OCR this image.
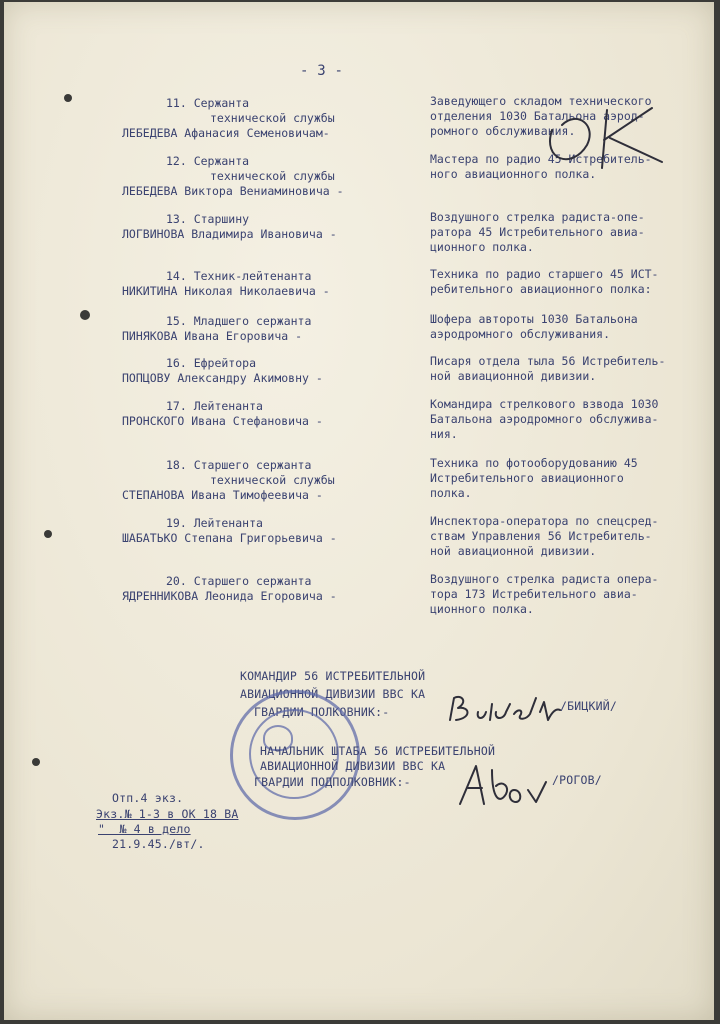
- 3 -
11. Сержанта
технической службы
ЛЕБЕДЕВА Афанасия Семеновичам-
Заведующего складом технического
отделения 1030 Батальона аэрод-
ромного обслуживания.
12. Сержанта
технической службы
ЛЕБЕДЕВА Виктора Вениаминовича -
Мастера по радио 45 Истребитель-
ного авиационного полка.
13. Старшину
ЛОГВИНОВА Владимира Ивановича -
Воздушного стрелка радиста-опе-
ратора 45 Истребительного авиа-
ционного полка.
14. Техник-лейтенанта
НИКИТИНА Николая Николаевича -
Техника по радио старшего 45 ИСТ-
ребительного авиационного полка:
15. Младшего сержанта
ПИНЯКОВА Ивана Егоровича -
Шофера автороты 1030 Батальона
аэродромного обслуживания.
16. Ефрейтора
ПОПЦОВУ Александру Акимовну -
Писаря отдела тыла 56 Истребитель-
ной авиационной дивизии.
17. Лейтенанта
ПРОНСКОГО Ивана Стефановича -
Командира стрелкового взвода 1030
Батальона аэродромного обслужива-
ния.
18. Старшего сержанта
технической службы
СТЕПАНОВА Ивана Тимофеевича -
Техника по фотооборудованию 45
Истребительного авиационного
полка.
19. Лейтенанта
ШАБАТЬКО Степана Григорьевича -
Инспектора-оператора по спецсред-
ствам Управления 56 Истребитель-
ной авиационной дивизии.
20. Старшего сержанта
ЯДРЕННИКОВА Леонида Егоровича -
Воздушного стрелка радиста опера-
тора 173 Истребительного авиа-
ционного полка.
КОМАНДИР 56 ИСТРЕБИТЕЛЬНОЙ
АВИАЦИОННОЙ ДИВИЗИИ ВВС КА
ГВАРДИИ ПОЛКОВНИК:-	/БИЦКИЙ/
НАЧАЛЬНИК ШТАБА 56 ИСТРЕБИТЕЛЬНОЙ
АВИАЦИОННОЙ ДИВИЗИИ ВВС КА
ГВАРДИИ ПОДПОЛКОВНИК:-	/РОГОВ/
Отп.4 экз.
Экз.№ 1-3 в ОК 18 ВА
"  № 4 в дело
21.9.45./вт/.
